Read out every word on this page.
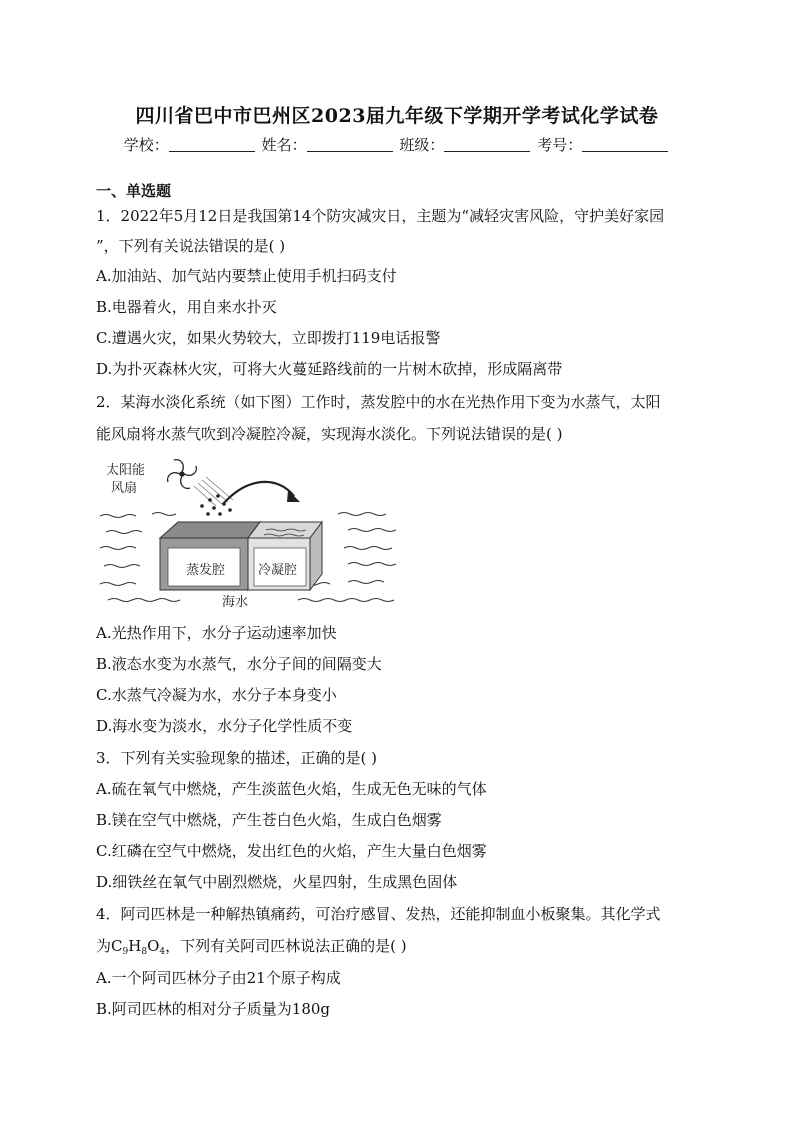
四川省巴中市巴州区2023届九年级下学期开学考试化学试卷
学校：	姓名：	班级：	考号：
一、单选题
1．2022年5月12日是我国第14个防灾减灾日，主题为“减轻灾害风险，守护美好家园
”，下列有关说法错误的是( )
A.加油站、加气站内要禁止使用手机扫码支付
B.电器着火，用自来水扑灭
C.遭遇火灾，如果火势较大，立即拨打119电话报警
D.为扑灭森林火灾，可将大火蔓延路线前的一片树木砍掉，形成隔离带
2．某海水淡化系统（如下图）工作时，蒸发腔中的水在光热作用下变为水蒸气，太阳
能风扇将水蒸气吹到冷凝腔冷凝，实现海水淡化。下列说法错误的是( )
太阳能
风扇
蒸发腔	冷凝腔
海水
A.光热作用下，水分子运动速率加快
B.液态水变为水蒸气，水分子间的间隔变大
C.水蒸气冷凝为水，水分子本身变小
D.海水变为淡水，水分子化学性质不变
3．下列有关实验现象的描述，正确的是( )
A.硫在氧气中燃烧，产生淡蓝色火焰，生成无色无味的气体
B.镁在空气中燃烧，产生苍白色火焰，生成白色烟雾
C.红磷在空气中燃烧，发出红色的火焰，产生大量白色烟雾
D.细铁丝在氧气中剧烈燃烧，火星四射，生成黑色固体
4．阿司匹林是一种解热镇痛药，可治疗感冒、发热，还能抑制血小板聚集。其化学式
为$C_9H_8O_4$，下列有关阿司匹林说法正确的是( )
A.一个阿司匹林分子由21个原子构成
B.阿司匹林的相对分子质量为180g
